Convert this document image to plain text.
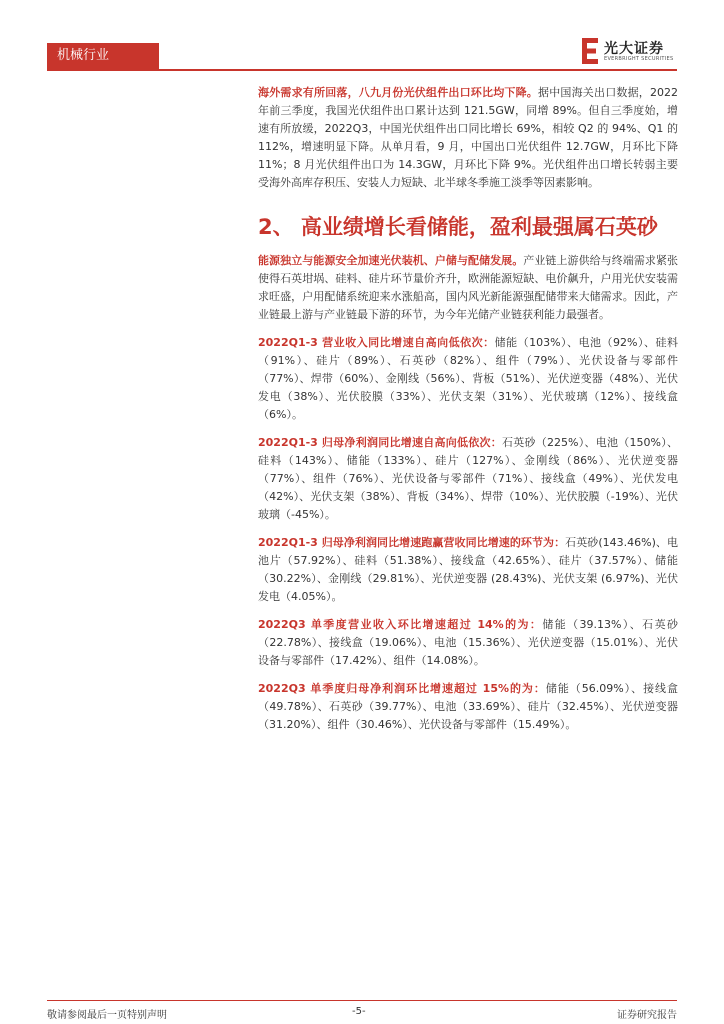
机械行业	光大证券
EVERBRIGHT SECURITIES

海外需求有所回落，八九月份光伏组件出口环比均下降。据中国海关出口数据，2022 年前三季度，我国光伏组件出口累计达到 121.5GW，同增 89%。但自三季度始，增速有所放缓，2022Q3，中国光伏组件出口同比增长 69%，相较 Q2 的 94%、Q1 的 112%，增速明显下降。从单月看，9 月，中国出口光伏组件 12.7GW，月环比下降 11%；8 月光伏组件出口为 14.3GW，月环比下降 9%。光伏组件出口增长转弱主要受海外高库存积压、安装人力短缺、北半球冬季施工淡季等因素影响。

2、 高业绩增长看储能，盈利最强属石英砂

能源独立与能源安全加速光伏装机、户储与配储发展。产业链上游供给与终端需求紧张使得石英坩埚、硅料、硅片环节量价齐升，欧洲能源短缺、电价飙升，户用光伏安装需求旺盛，户用配储系统迎来水涨船高，国内风光新能源强配储带来大储需求。因此，产业链最上游与产业链最下游的环节，为今年光储产业链获利能力最强者。

2022Q1-3 营业收入同比增速自高向低依次：储能（103%）、电池（92%）、硅料（91%）、硅片（89%）、石英砂（82%）、组件（79%）、光伏设备与零部件（77%）、焊带（60%）、金刚线（56%）、背板（51%）、光伏逆变器（48%）、光伏发电（38%）、光伏胶膜（33%）、光伏支架（31%）、光伏玻璃（12%）、接线盒（6%）。

2022Q1-3 归母净利润同比增速自高向低依次：石英砂（225%）、电池（150%）、硅料（143%）、储能（133%）、硅片（127%）、金刚线（86%）、光伏逆变器（77%）、组件（76%）、光伏设备与零部件（71%）、接线盒（49%）、光伏发电（42%）、光伏支架（38%）、背板（34%）、焊带（10%）、光伏胶膜（-19%）、光伏玻璃（-45%）。

2022Q1-3 归母净利润同比增速跑赢营收同比增速的环节为：石英砂(143.46%)、电池片（57.92%）、硅料（51.38%）、接线盒（42.65%）、硅片（37.57%）、储能（30.22%）、金刚线（29.81%）、光伏逆变器 (28.43%)、光伏支架 (6.97%)、光伏发电（4.05%）。

2022Q3 单季度营业收入环比增速超过 14%的为：储能（39.13%）、石英砂（22.78%）、接线盒（19.06%）、电池（15.36%）、光伏逆变器（15.01%）、光伏设备与零部件（17.42%）、组件（14.08%）。

2022Q3 单季度归母净利润环比增速超过 15%的为：储能（56.09%）、接线盒（49.78%）、石英砂（39.77%）、电池（33.69%）、硅片（32.45%）、光伏逆变器（31.20%）、组件（30.46%）、光伏设备与零部件（15.49%）。

敬请参阅最后一页特别声明	-5-	证券研究报告
